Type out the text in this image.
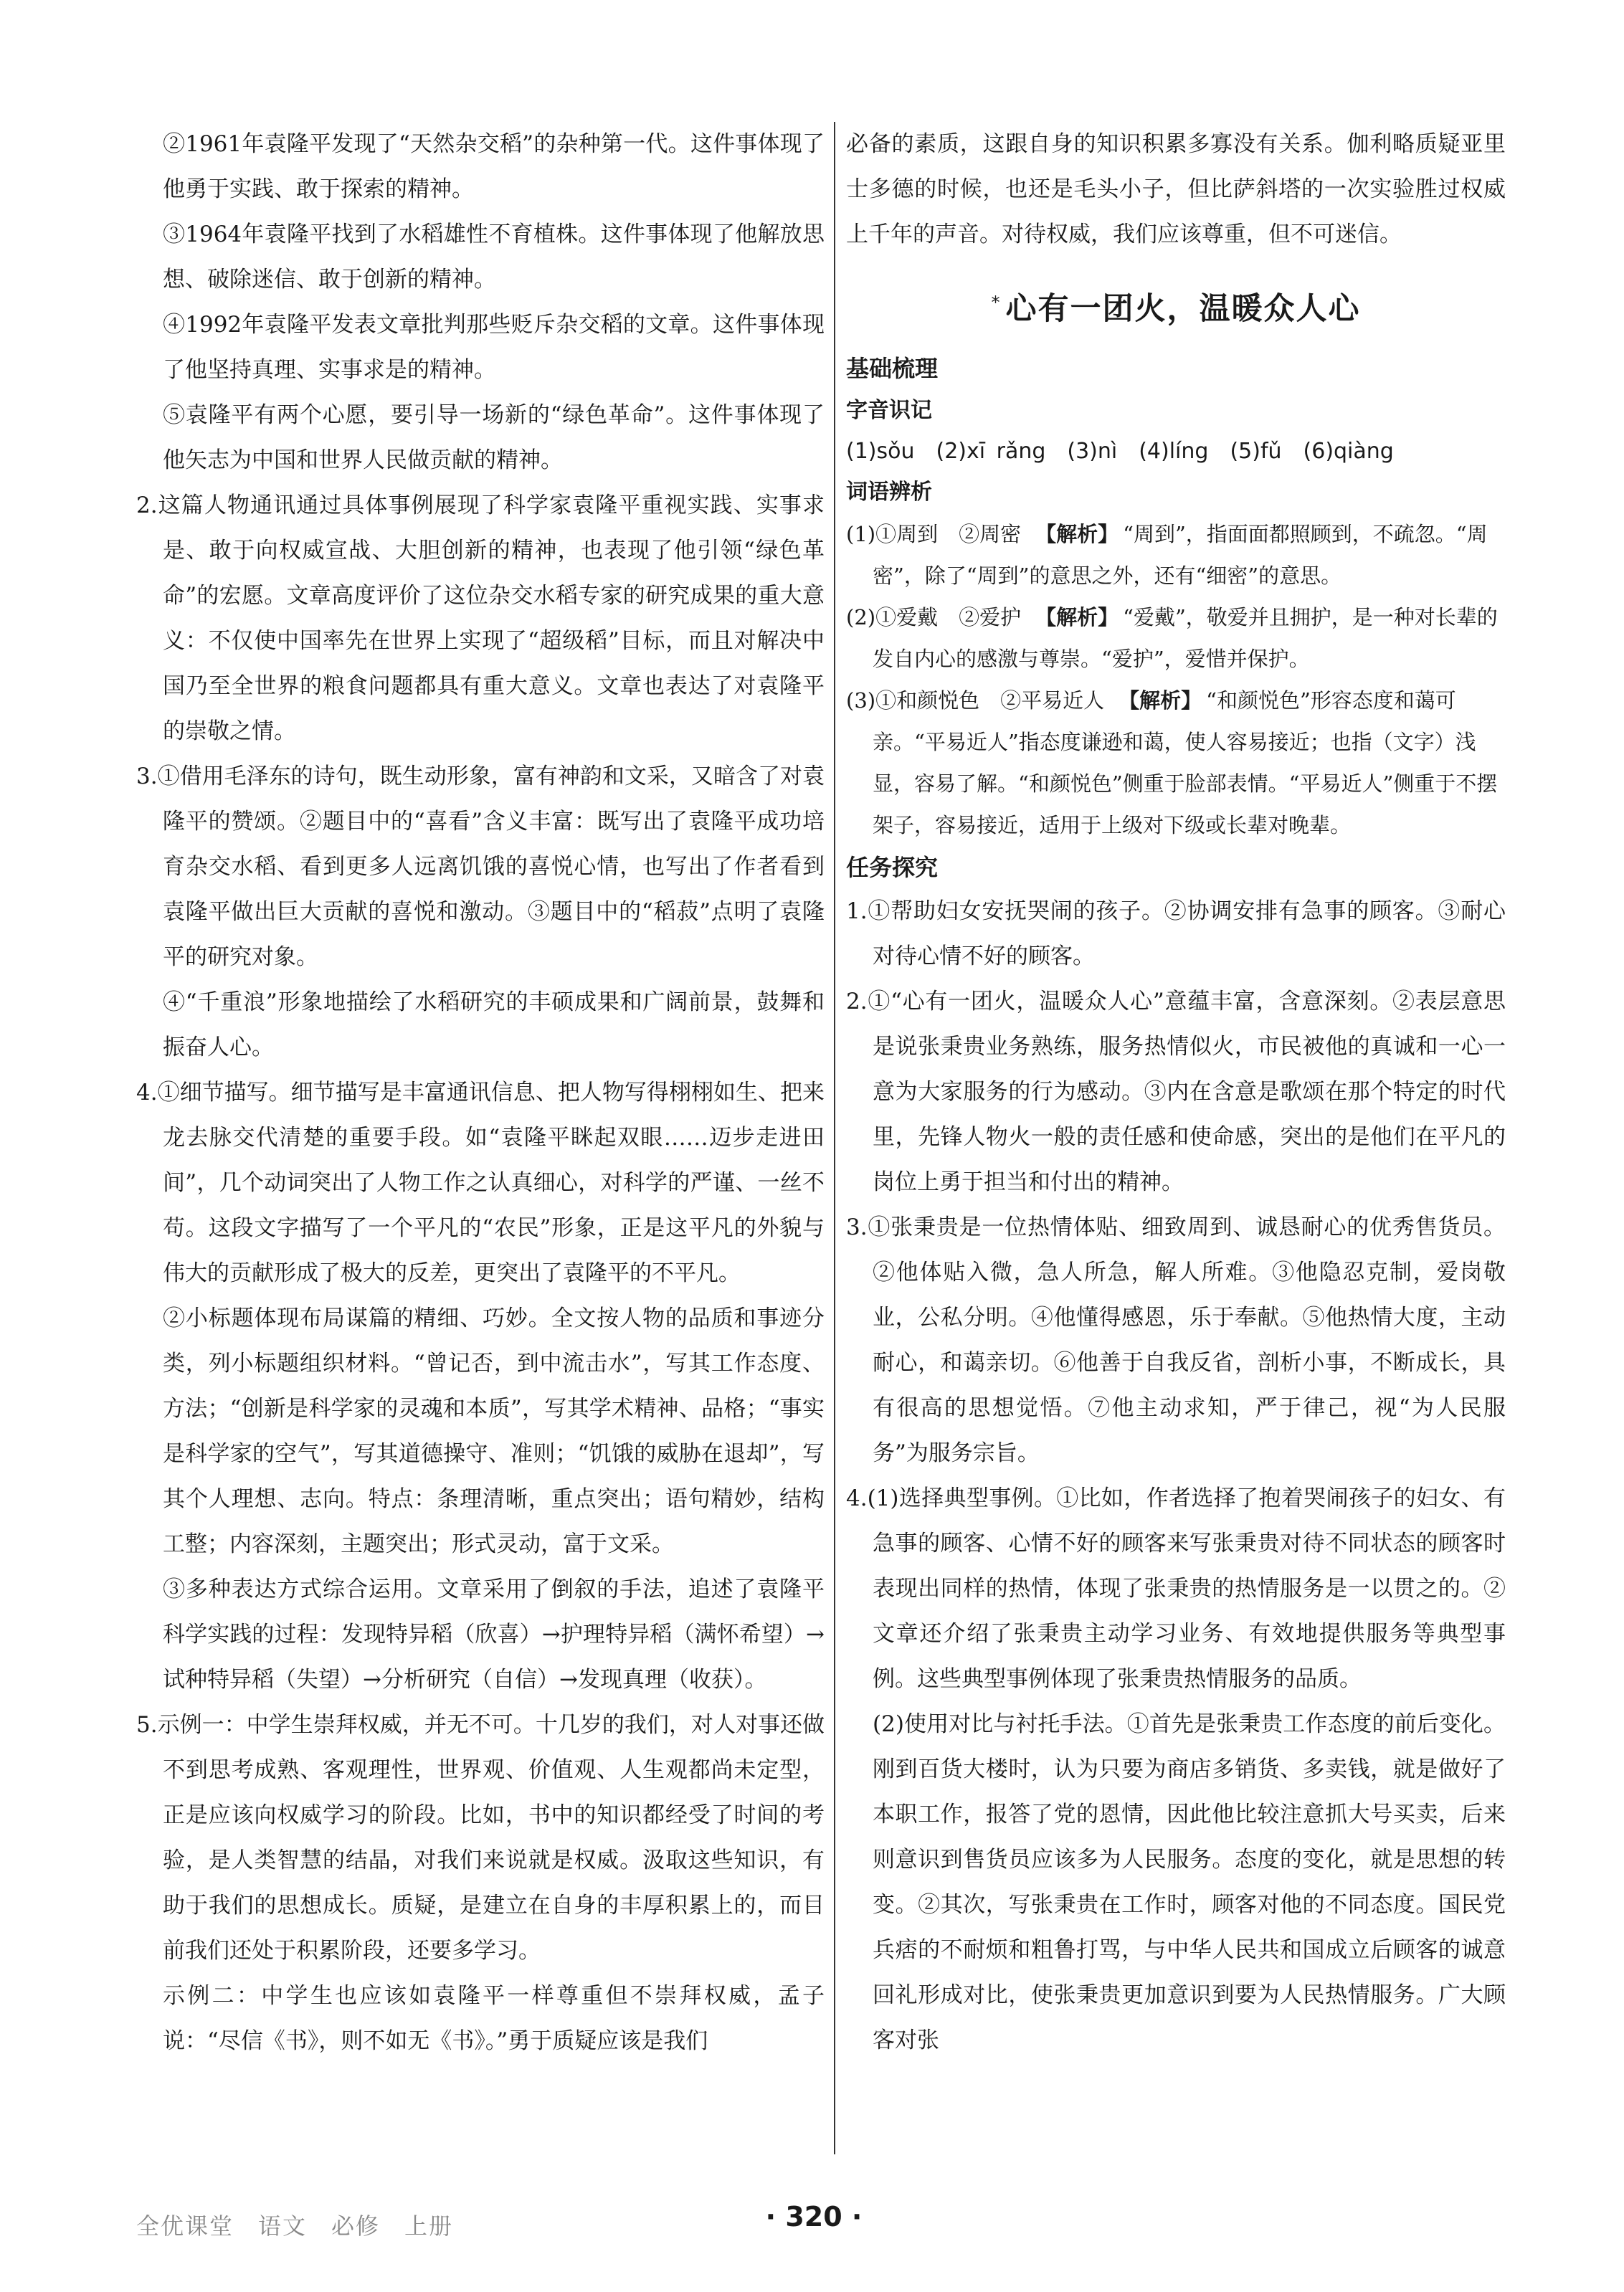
②1961年袁隆平发现了“天然杂交稻”的杂种第一代。这件事体现了他勇于实践、敢于探索的精神。

③1964年袁隆平找到了水稻雄性不育植株。这件事体现了他解放思想、破除迷信、敢于创新的精神。

④1992年袁隆平发表文章批判那些贬斥杂交稻的文章。这件事体现了他坚持真理、实事求是的精神。

⑤袁隆平有两个心愿，要引导一场新的“绿色革命”。这件事体现了他矢志为中国和世界人民做贡献的精神。

2.这篇人物通讯通过具体事例展现了科学家袁隆平重视实践、实事求是、敢于向权威宣战、大胆创新的精神，也表现了他引领“绿色革命”的宏愿。文章高度评价了这位杂交水稻专家的研究成果的重大意义：不仅使中国率先在世界上实现了“超级稻”目标，而且对解决中国乃至全世界的粮食问题都具有重大意义。文章也表达了对袁隆平的崇敬之情。

3.①借用毛泽东的诗句，既生动形象，富有神韵和文采，又暗含了对袁隆平的赞颂。②题目中的“喜看”含义丰富：既写出了袁隆平成功培育杂交水稻、看到更多人远离饥饿的喜悦心情，也写出了作者看到袁隆平做出巨大贡献的喜悦和激动。③题目中的“稻菽”点明了袁隆平的研究对象。

④“千重浪”形象地描绘了水稻研究的丰硕成果和广阔前景，鼓舞和振奋人心。

4.①细节描写。细节描写是丰富通讯信息、把人物写得栩栩如生、把来龙去脉交代清楚的重要手段。如“袁隆平眯起双眼……迈步走进田间”，几个动词突出了人物工作之认真细心，对科学的严谨、一丝不苟。这段文字描写了一个平凡的“农民”形象，正是这平凡的外貌与伟大的贡献形成了极大的反差，更突出了袁隆平的不平凡。

②小标题体现布局谋篇的精细、巧妙。全文按人物的品质和事迹分类，列小标题组织材料。“曾记否，到中流击水”，写其工作态度、方法；“创新是科学家的灵魂和本质”，写其学术精神、品格；“事实是科学家的空气”，写其道德操守、准则；“饥饿的威胁在退却”，写其个人理想、志向。特点：条理清晰，重点突出；语句精妙，结构工整；内容深刻，主题突出；形式灵动，富于文采。

③多种表达方式综合运用。文章采用了倒叙的手法，追述了袁隆平科学实践的过程：发现特异稻（欣喜）→护理特异稻（满怀希望）→试种特异稻（失望）→分析研究（自信）→发现真理（收获）。

5.示例一：中学生崇拜权威，并无不可。十几岁的我们，对人对事还做不到思考成熟、客观理性，世界观、价值观、人生观都尚未定型，正是应该向权威学习的阶段。比如，书中的知识都经受了时间的考验，是人类智慧的结晶，对我们来说就是权威。汲取这些知识，有助于我们的思想成长。质疑，是建立在自身的丰厚积累上的，而目前我们还处于积累阶段，还要多学习。

示例二：中学生也应该如袁隆平一样尊重但不崇拜权威，孟子说：“尽信《书》，则不如无《书》。”勇于质疑应该是我们

必备的素质，这跟自身的知识积累多寡没有关系。伽利略质疑亚里士多德的时候，也还是毛头小子，但比萨斜塔的一次实验胜过权威上千年的声音。对待权威，我们应该尊重，但不可迷信。

* 心有一团火，温暖众人心

基础梳理

字音识记

(1)sǒu　(2)xī rǎng　(3)nì　(4)líng　(5)fǔ　(6)qiàng

词语辨析

(1)①周到　②周密 【解析】 “周到”，指面面都照顾到，不疏忽。“周密”，除了“周到”的意思之外，还有“细密”的意思。

(2)①爱戴　②爱护 【解析】 “爱戴”，敬爱并且拥护，是一种对长辈的发自内心的感激与尊崇。“爱护”，爱惜并保护。

(3)①和颜悦色　②平易近人 【解析】 “和颜悦色”形容态度和蔼可亲。“平易近人”指态度谦逊和蔼，使人容易接近；也指（文字）浅显，容易了解。“和颜悦色”侧重于脸部表情。“平易近人”侧重于不摆架子，容易接近，适用于上级对下级或长辈对晚辈。

任务探究

1.①帮助妇女安抚哭闹的孩子。②协调安排有急事的顾客。③耐心对待心情不好的顾客。

2.①“心有一团火，温暖众人心”意蕴丰富，含意深刻。②表层意思是说张秉贵业务熟练，服务热情似火，市民被他的真诚和一心一意为大家服务的行为感动。③内在含意是歌颂在那个特定的时代里，先锋人物火一般的责任感和使命感，突出的是他们在平凡的岗位上勇于担当和付出的精神。

3.①张秉贵是一位热情体贴、细致周到、诚恳耐心的优秀售货员。②他体贴入微，急人所急，解人所难。③他隐忍克制，爱岗敬业，公私分明。④他懂得感恩，乐于奉献。⑤他热情大度，主动耐心，和蔼亲切。⑥他善于自我反省，剖析小事，不断成长，具有很高的思想觉悟。⑦他主动求知，严于律己，视“为人民服务”为服务宗旨。

4.(1)选择典型事例。①比如，作者选择了抱着哭闹孩子的妇女、有急事的顾客、心情不好的顾客来写张秉贵对待不同状态的顾客时表现出同样的热情，体现了张秉贵的热情服务是一以贯之的。②文章还介绍了张秉贵主动学习业务、有效地提供服务等典型事例。这些典型事例体现了张秉贵热情服务的品质。

(2)使用对比与衬托手法。①首先是张秉贵工作态度的前后变化。刚到百货大楼时，认为只要为商店多销货、多卖钱，就是做好了本职工作，报答了党的恩情，因此他比较注意抓大号买卖，后来则意识到售货员应该多为人民服务。态度的变化，就是思想的转变。②其次，写张秉贵在工作时，顾客对他的不同态度。国民党兵痞的不耐烦和粗鲁打骂，与中华人民共和国成立后顾客的诚意回礼形成对比，使张秉贵更加意识到要为人民热情服务。广大顾客对张

全优课堂 语文 必修 上册	· 320 ·
